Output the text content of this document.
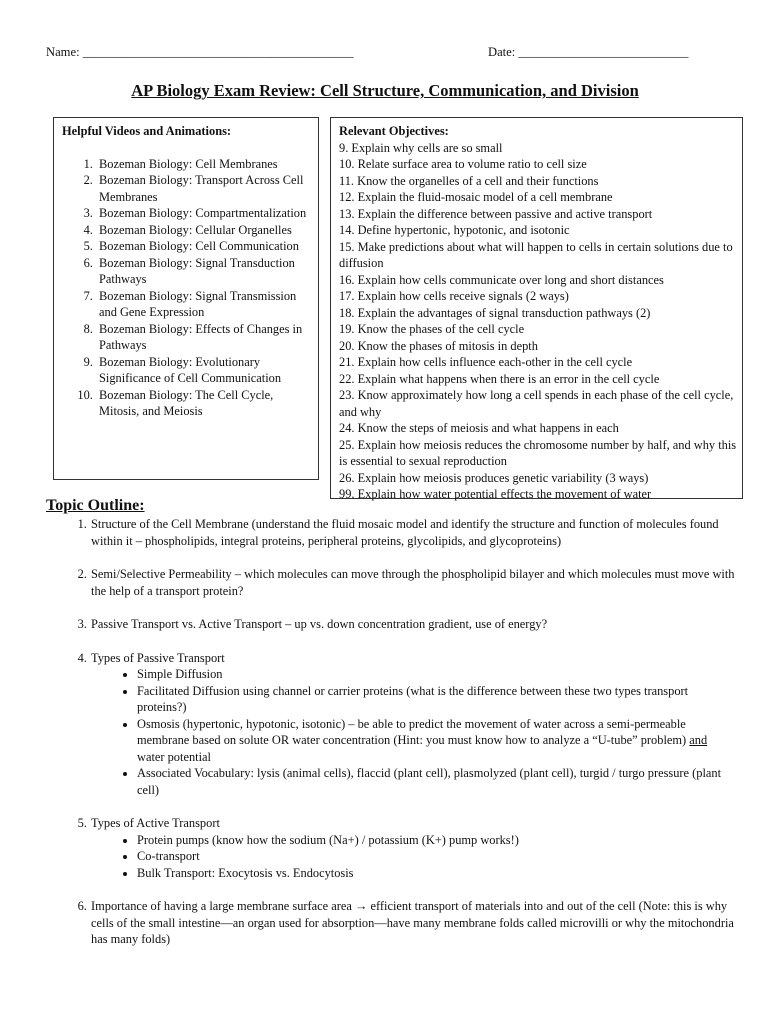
Name: ___________________________________________	Date: ___________________________
AP Biology Exam Review: Cell Structure, Communication, and Division
Helpful Videos and Animations:
1. Bozeman Biology: Cell Membranes
2. Bozeman Biology: Transport Across Cell Membranes
3. Bozeman Biology: Compartmentalization
4. Bozeman Biology: Cellular Organelles
5. Bozeman Biology: Cell Communication
6. Bozeman Biology: Signal Transduction Pathways
7. Bozeman Biology: Signal Transmission and Gene Expression
8. Bozeman Biology: Effects of Changes in Pathways
9. Bozeman Biology: Evolutionary Significance of Cell Communication
10. Bozeman Biology: The Cell Cycle, Mitosis, and Meiosis
Relevant Objectives:

9. Explain why cells are so small

10. Relate surface area to volume ratio to cell size

11. Know the organelles of a cell and their functions

12. Explain the fluid-mosaic model of a cell membrane

13. Explain the difference between passive and active transport

14. Define hypertonic, hypotonic, and isotonic

15. Make predictions about what will happen to cells in certain solutions due to diffusion

16. Explain how cells communicate over long and short distances

17. Explain how cells receive signals (2 ways)

18. Explain the advantages of signal transduction pathways (2)

19. Know the phases of the cell cycle

20. Know the phases of mitosis in depth

21. Explain how cells influence each-other in the cell cycle

22. Explain what happens when there is an error in the cell cycle

23. Know approximately how long a cell spends in each phase of the cell cycle, and why

24. Know the steps of meiosis and what happens in each

25. Explain how meiosis reduces the chromosome number by half, and why this is essential to sexual reproduction

26. Explain how meiosis produces genetic variability (3 ways)

99. Explain how water potential effects the movement of water

Topic Outline:
1. Structure of the Cell Membrane (understand the fluid mosaic model and identify the structure and function of molecules found within it – phospholipids, integral proteins, peripheral proteins, glycolipids, and glycoproteins)
2. Semi/Selective Permeability – which molecules can move through the phospholipid bilayer and which molecules must move with the help of a transport protein?
3. Passive Transport vs. Active Transport – up vs. down concentration gradient, use of energy?
4. Types of Passive Transport
• Simple Diffusion
• Facilitated Diffusion using channel or carrier proteins (what is the difference between these two types transport proteins?)
• Osmosis (hypertonic, hypotonic, isotonic) – be able to predict the movement of water across a semi-permeable membrane based on solute OR water concentration (Hint: you must know how to analyze a “U-tube” problem) and water potential
• Associated Vocabulary: lysis (animal cells), flaccid (plant cell), plasmolyzed (plant cell), turgid / turgo pressure (plant cell)
5. Types of Active Transport
• Protein pumps (know how the sodium (Na+) / potassium (K+) pump works!)
• Co-transport
• Bulk Transport: Exocytosis vs. Endocytosis
6. Importance of having a large membrane surface area → efficient transport of materials into and out of the cell (Note: this is why cells of the small intestine—an organ used for absorption—have many membrane folds called microvilli or why the mitochondria has many folds)
